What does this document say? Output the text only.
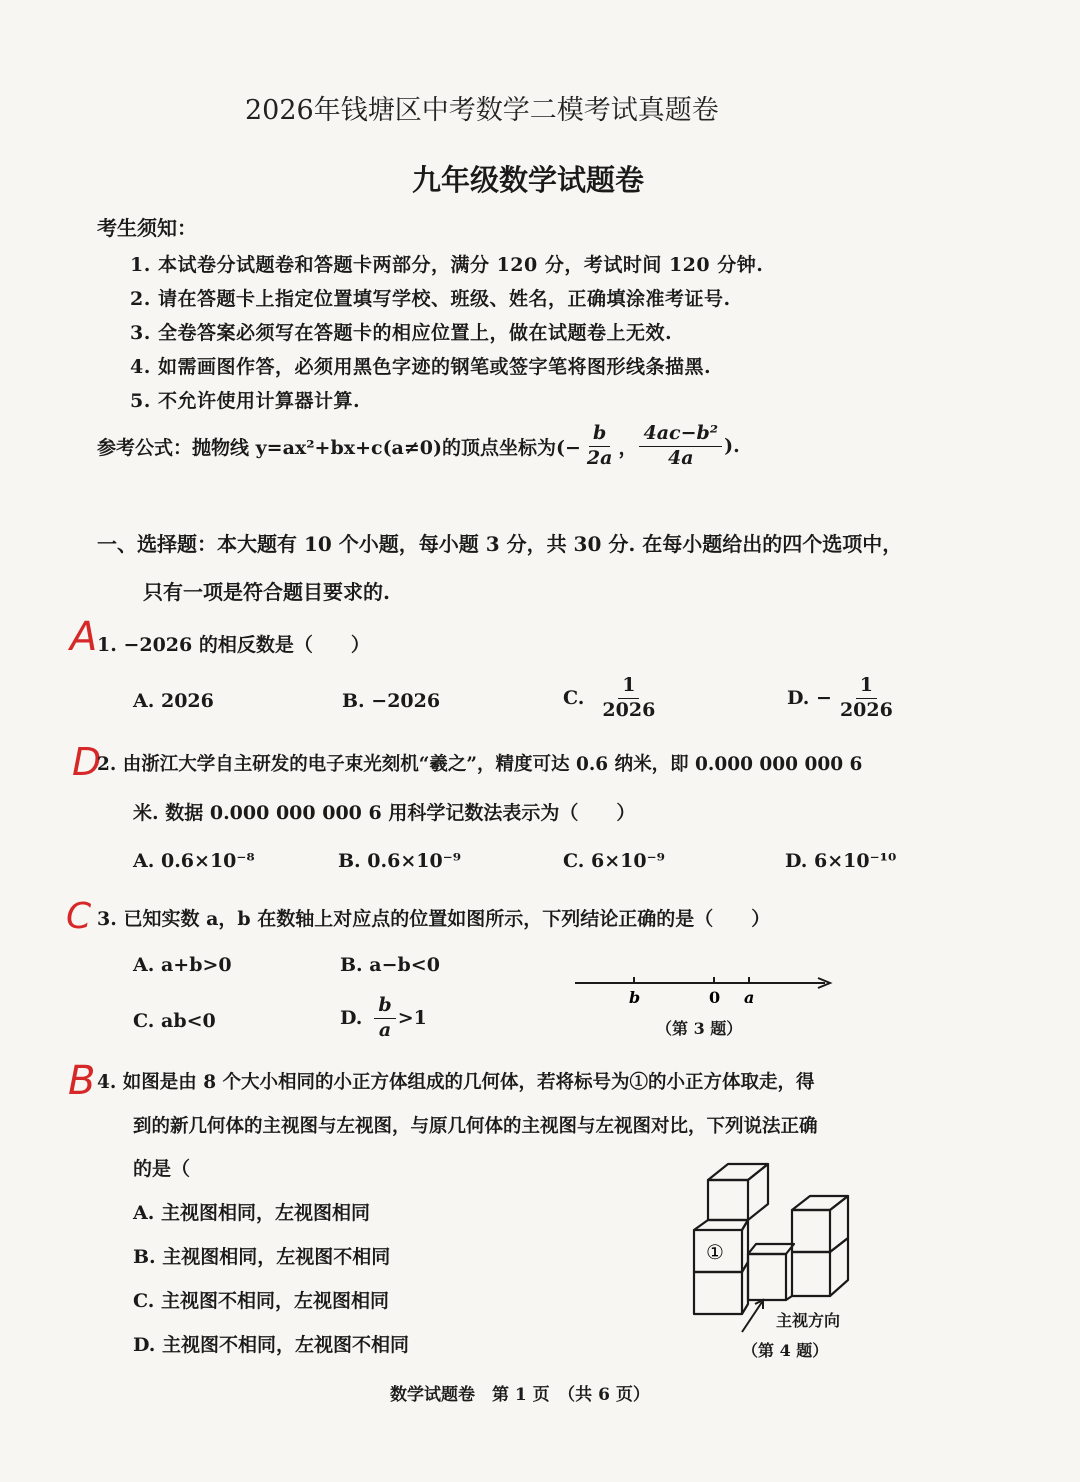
2026年钱塘区中考数学二模考试真题卷
九年级数学试题卷
考生须知：
1. 本试卷分试题卷和答题卡两部分，满分 120 分，考试时间 120 分钟.
2. 请在答题卡上指定位置填写学校、班级、姓名，正确填涂准考证号.
3. 全卷答案必须写在答题卡的相应位置上，做在试题卷上无效.
4. 如需画图作答，必须用黑色字迹的钢笔或签字笔将图形线条描黑.
5. 不允许使用计算器计算.
参考公式： 抛物线 y=ax²+bx+c(a≠0)的顶点坐标为(− $\frac{b}{2a}$ ， $\frac{\text{4ac−b²}}{4a}$ ).
一、选择题：本大题有 10 个小题，每小题 3 分，共 30 分. 在每小题给出的四个选项中，
只有一项是符合题目要求的.
A 1. −2026 的相反数是（　　）
A. 2026	B. −2026	C. $\frac{1}{2026}$	D. − $\frac{1}{2026}$
D
2. 由浙江大学自主研发的电子束光刻机“羲之”，精度可达 0.6 纳米，即 0.000 000 000 6
米. 数据 0.000 000 000 6 用科学记数法表示为（　　）
A. 0.6×10⁻⁸	B. 0.6×10⁻⁹	C. 6×10⁻⁹	D. 6×10⁻¹⁰
C 3. 已知实数 a，b 在数轴上对应点的位置如图所示，下列结论正确的是（　　）
A. a+b>0	B. a−b<0
C. ab<0	D. $\frac{b}{a} >1$
b	0 a
（第 3 题）
B 4. 如图是由 8 个大小相同的小正方体组成的几何体，若将标号为①的小正方体取走，得
到的新几何体的主视图与左视图，与原几何体的主视图与左视图对比，下列说法正确
的是（
A. 主视图相同，左视图相同
B. 主视图相同，左视图不相同
C. 主视图不相同，左视图相同
D. 主视图不相同，左视图不相同
①
主视方向
（第 4 题）
数学试题卷　第 1 页　（共 6 页）
